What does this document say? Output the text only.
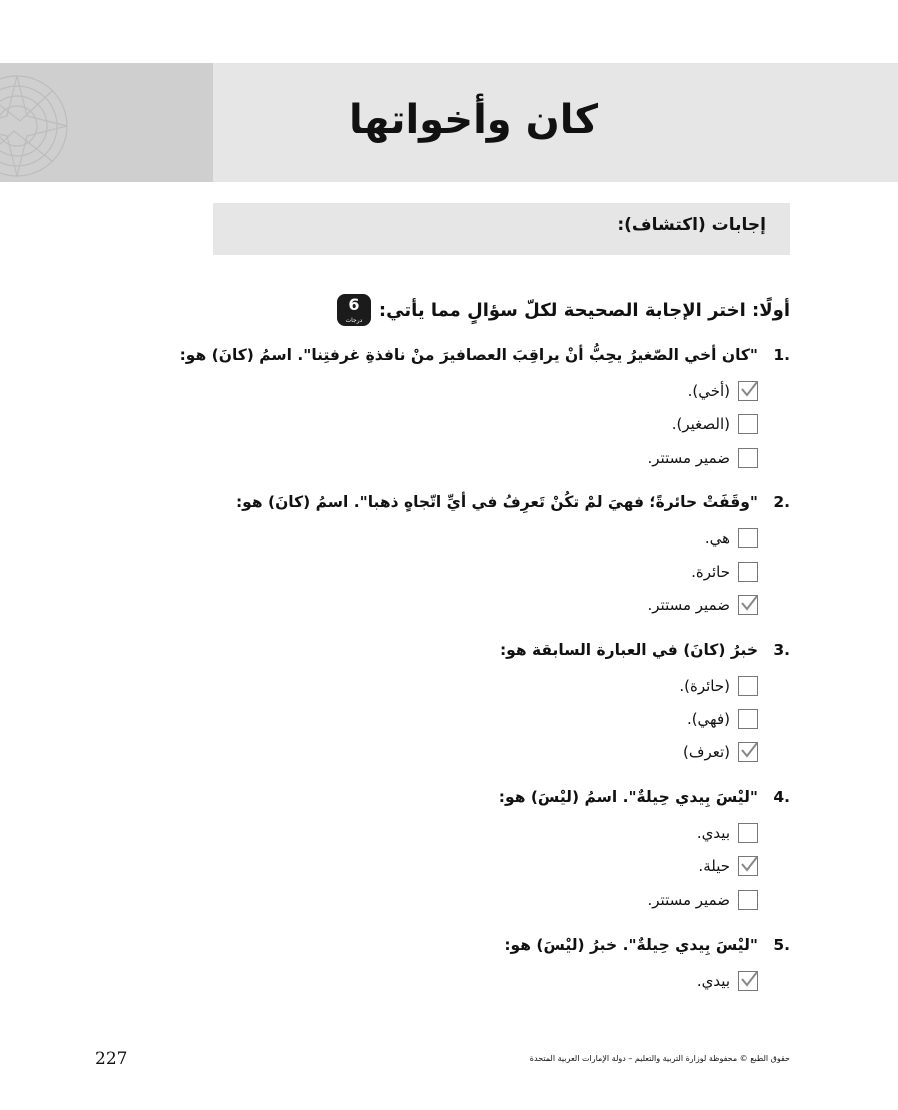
كان وأخواتها
إجابات (اكتشاف):
أولًا: اختر الإجابة الصحيحة لكلّ سؤالٍ مما يأتي:
6
درجات
1.
"كان أخي الصّغيرُ يحِبُّ أنْ يراقِبَ العصافيرَ منْ نافذةِ غرفتِنا". اسمُ (كانَ) هو:
(أخي).
(الصغير).
ضمير مستتر.
2.
"وقَفَتْ حائرةً؛ فهيَ لمْ تكُنْ تَعرِفُ في أيِّ اتّجاهٍ ذهبا". اسمُ (كانَ) هو:
هي.
حائرة.
ضمير مستتر.
3.
خبرُ (كانَ) في العبارة السابقة هو:
(حائرة).
(فهي).
(تعرف)
4.
"ليْسَ بِيدي حِيلةٌ". اسمُ (ليْسَ) هو:
بيدي.
حيلة.
ضمير مستتر.
5.
"ليْسَ بِيدي حِيلةٌ". خبرُ (ليْسَ) هو:
بيدي.
227	حقوق الطبع © محفوظة لوزارة التربية والتعليم – دولة الإمارات العربية المتحدة
